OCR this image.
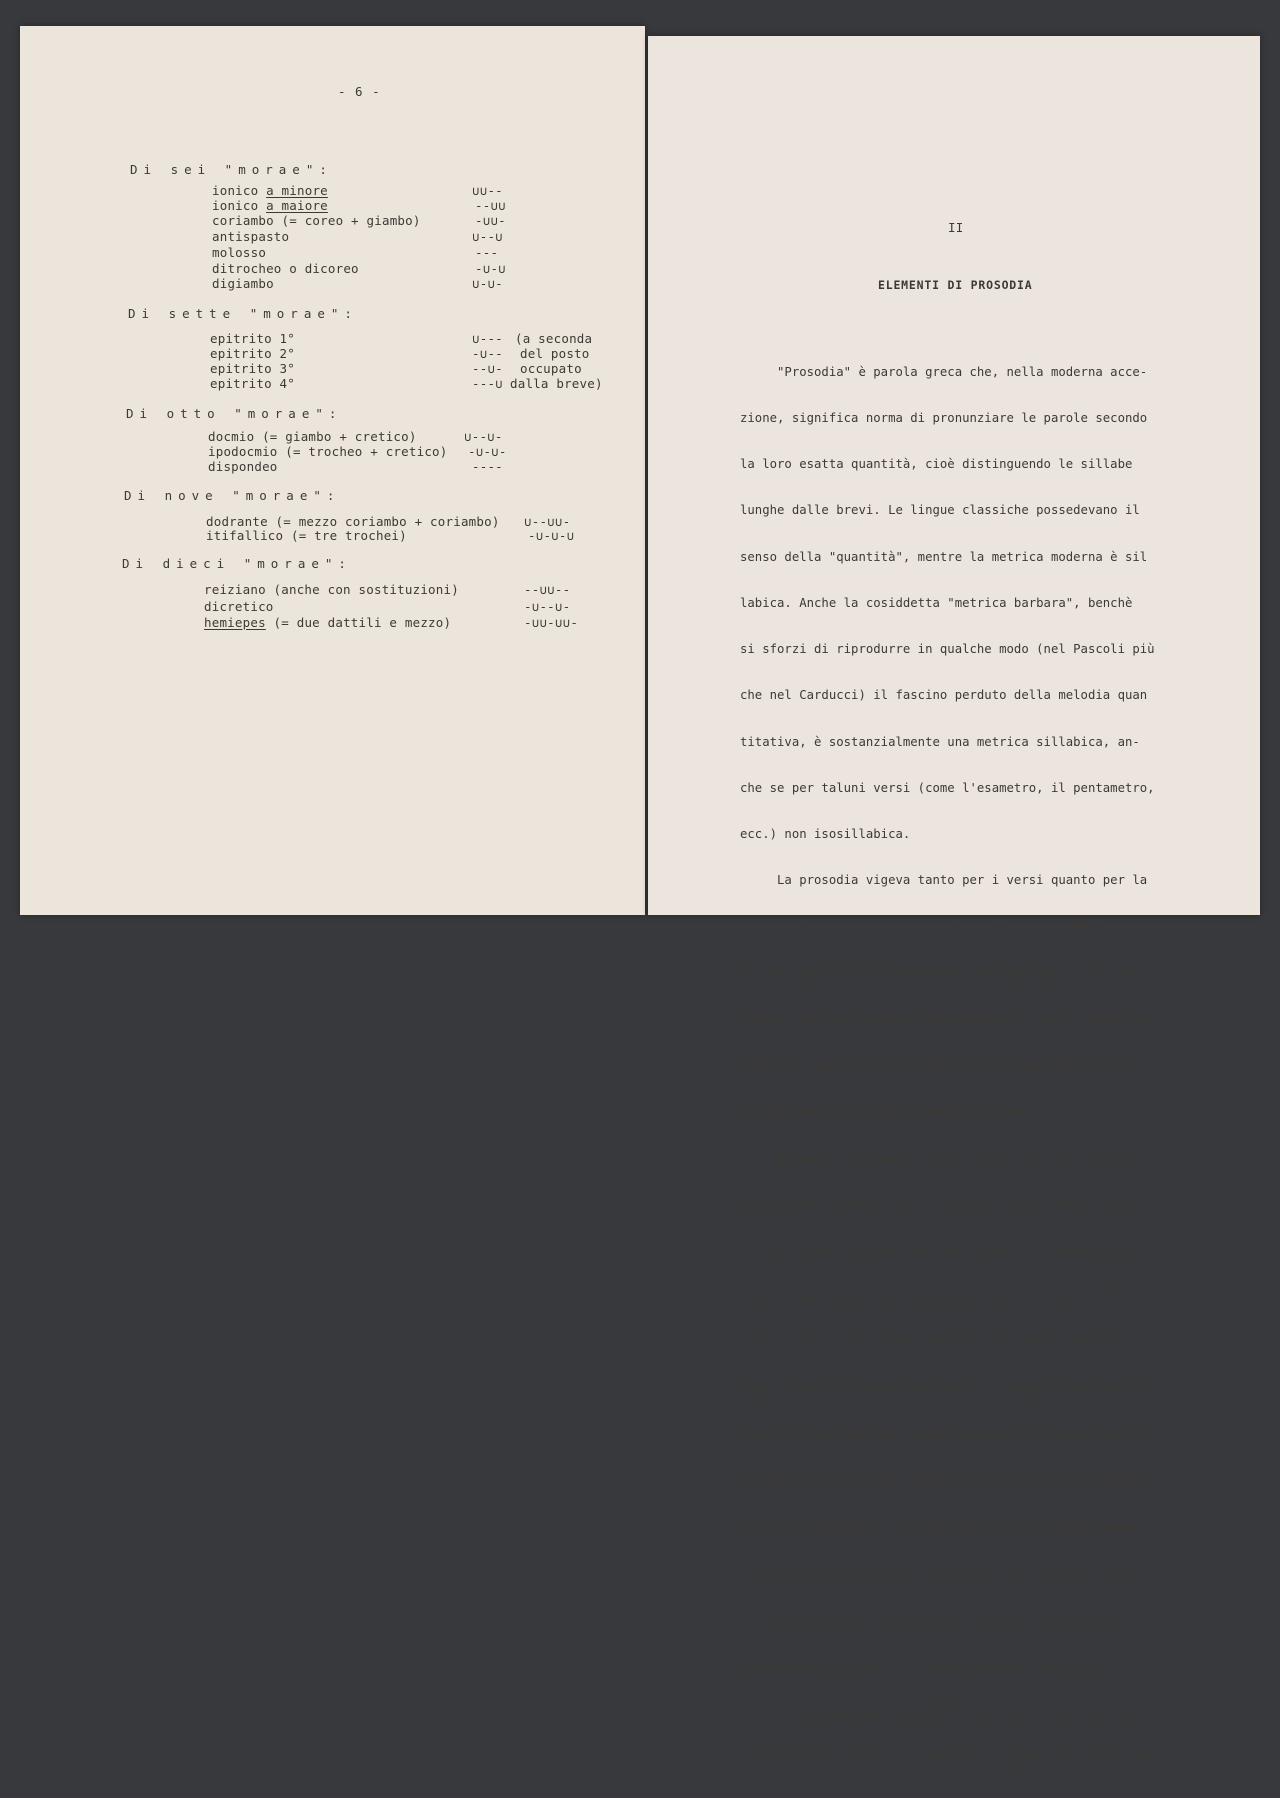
- 6 -
Di sei "morae":
ionico a minore	∪∪--
ionico a maiore	--∪∪
coriambo (= coreo + giambo)	-∪∪-
antispasto	∪--∪
molosso	---
ditrocheo o dicoreo	-∪-∪
digiambo	∪-∪-
Di sette "morae":
epitrito 1°	∪--- (a seconda
epitrito 2°	-∪-- del posto
epitrito 3°	--∪- occupato
epitrito 4°	---∪ dalla breve)
Di otto "morae":
docmio (= giambo + cretico)	∪--∪-
ipodocmio (= trocheo + cretico) -∪-∪-
dispondeo	----
Di nove "morae":
dodrante (= mezzo coriambo + coriambo) ∪--∪∪-
itifallico (= tre trochei)	-∪-∪-∪
Di dieci "morae":
reiziano (anche con sostituzioni)	--∪∪--
dicretico	-∪--∪-
hemiepes (= due dattili e mezzo)	-∪∪-∪∪-
II
ELEMENTI DI PROSODIA

"Prosodia" è parola greca che, nella moderna acce-

zione, significa norma di pronunziare le parole secondo

la loro esatta quantità, cioè distinguendo le sillabe

lunghe dalle brevi. Le lingue classiche possedevano il

senso della "quantità", mentre la metrica moderna è sil

labica. Anche la cosiddetta "metrica barbara", benchè

si sforzi di riprodurre in qualche modo (nel Pascoli più

che nel Carducci) il fascino perduto della melodia quan

titativa, è sostanzialmente una metrica sillabica, an-

che se per taluni versi (come l'esametro, il pentametro,

ecc.) non isosillabica.

La prosodia vigeva tanto per i versi quanto per la

prosa, anche perchè regolava la collocazione dell'accen

to. Per questo è assolutamente indispensabile, per chi

voglia non solo leggere ritmicamente un verso latino, ma

anche un rigo di prosa, conoscere la "quantità" delle

sillabe delle principali parole latine.

Daremo a suo tempo alcune norme pratiche, atte ad

aiutare lo studente nella "ricostruzione" della "quanti

tà" di talune sillabe che, per trovarsi in parole poco

comuni, egli possa non conoscere preliminarmente. Ma di

ciamo subito che, delle centomila parole del lessico la

tino, almeno una ventesima parte lo studente dovrebbe co

noscere, dal punto di vista prosodico, con assoluta si-

curezza. A tale scopo, egli potrà anche servirsi degli

"elenchi prosodici" che più sotto daremo, distinguendo

le principali parole latine secondo i principali piedi

(il piede, formato da due o più sillabe, corrisponde

pressappoco alla battuta in un contesto musicale).

La regolamentazione dell'accento di prosa delle pa

role latine è molto più semplice di quanto non possa sem
